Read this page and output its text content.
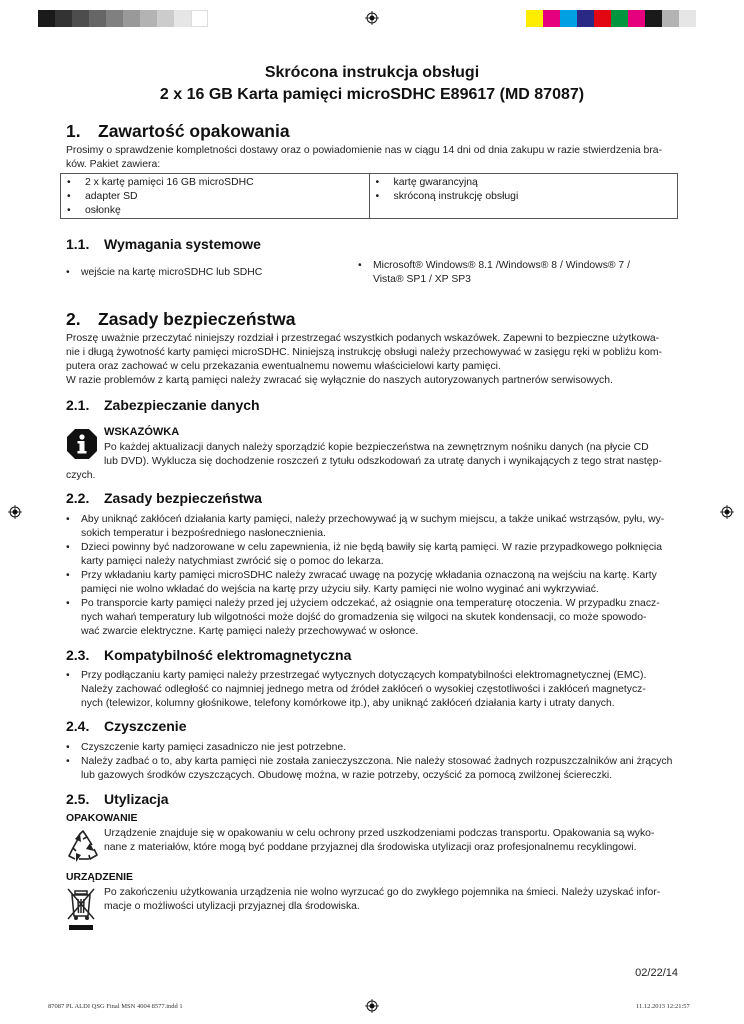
Skrócona instrukcja obsługi
2 x 16 GB Karta pamięci microSDHC E89617 (MD 87087)
1. Zawartość opakowania
Prosimy o sprawdzenie kompletności dostawy oraz o powiadomienie nas w ciągu 14 dni od dnia zakupu w razie stwierdzenia bra-
ków. Pakiet zawiera:
• 2 x kartę pamięci 16 GB microSDHC
• adapter SD
• osłonkę
• kartę gwarancyjną
• skróconą instrukcję obsługi
1.1. Wymagania systemowe
• wejście na kartę microSDHC lub SDHC
• Microsoft® Windows® 8.1 /Windows® 8 / Windows® 7 /
Vista® SP1 / XP SP3
2. Zasady bezpieczeństwa
Proszę uważnie przeczytać niniejszy rozdział i przestrzegać wszystkich podanych wskazówek. Zapewni to bezpieczne użytkowa-
nie i długą żywotność karty pamięci microSDHC. Niniejszą instrukcję obsługi należy przechowywać w zasięgu ręki w pobliżu kom-
putera oraz zachować w celu przekazania ewentualnemu nowemu właścicielowi karty pamięci.
W razie problemów z kartą pamięci należy zwracać się wyłącznie do naszych autoryzowanych partnerów serwisowych.
2.1. Zabezpieczanie danych
WSKAZÓWKA
Po każdej aktualizacji danych należy sporządzić kopie bezpieczeństwa na zewnętrznym nośniku danych (na płycie CD
lub DVD). Wyklucza się dochodzenie roszczeń z tytułu odszkodowań za utratę danych i wynikających z tego strat następ-
czych.
2.2. Zasady bezpieczeństwa
• Aby uniknąć zakłóceń działania karty pamięci, należy przechowywać ją w suchym miejscu, a także unikać wstrząsów, pyłu, wy-
sokich temperatur i bezpośredniego nasłonecznienia.
• Dzieci powinny być nadzorowane w celu zapewnienia, iż nie będą bawiły się kartą pamięci. W razie przypadkowego połknięcia
karty pamięci należy natychmiast zwrócić się o pomoc do lekarza.
• Przy wkładaniu karty pamięci microSDHC należy zwracać uwagę na pozycję wkładania oznaczoną na wejściu na kartę. Karty
pamięci nie wolno wkładać do wejścia na kartę przy użyciu siły. Karty pamięci nie wolno wyginać ani wykrzywiać.
• Po transporcie karty pamięci należy przed jej użyciem odczekać, aż osiągnie ona temperaturę otoczenia. W przypadku znacz-
nych wahań temperatury lub wilgotności może dojść do gromadzenia się wilgoci na skutek kondensacji, co może spowodo-
wać zwarcie elektryczne. Kartę pamięci należy przechowywać w osłonce.
2.3. Kompatybilność elektromagnetyczna
• Przy podłączaniu karty pamięci należy przestrzegać wytycznych dotyczących kompatybilności elektromagnetycznej (EMC).
Należy zachować odległość co najmniej jednego metra od źródeł zakłóceń o wysokiej częstotliwości i zakłóceń magnetycz-
nych (telewizor, kolumny głośnikowe, telefony komórkowe itp.), aby uniknąć zakłóceń działania karty i utraty danych.
2.4. Czyszczenie
• Czyszczenie karty pamięci zasadniczo nie jest potrzebne.
• Należy zadbać o to, aby karta pamięci nie została zanieczyszczona. Nie należy stosować żadnych rozpuszczalników ani żrących
lub gazowych środków czyszczących. Obudowę można, w razie potrzeby, oczyścić za pomocą zwilżonej ściereczki.
2.5. Utylizacja
OPAKOWANIE
Urządzenie znajduje się w opakowaniu w celu ochrony przed uszkodzeniami podczas transportu. Opakowania są wyko-
nane z materiałów, które mogą być poddane przyjaznej dla środowiska utylizacji oraz profesjonalnemu recyklingowi.
URZĄDZENIE
Po zakończeniu użytkowania urządzenia nie wolno wyrzucać go do zwykłego pojemnika na śmieci. Należy uzyskać infor-
macje o możliwości utylizacji przyjaznej dla środowiska.
02/22/14
87087 PL ALDI QSG Final MSN 4004 8577.indd 1	11.12.2013 12:21:57
